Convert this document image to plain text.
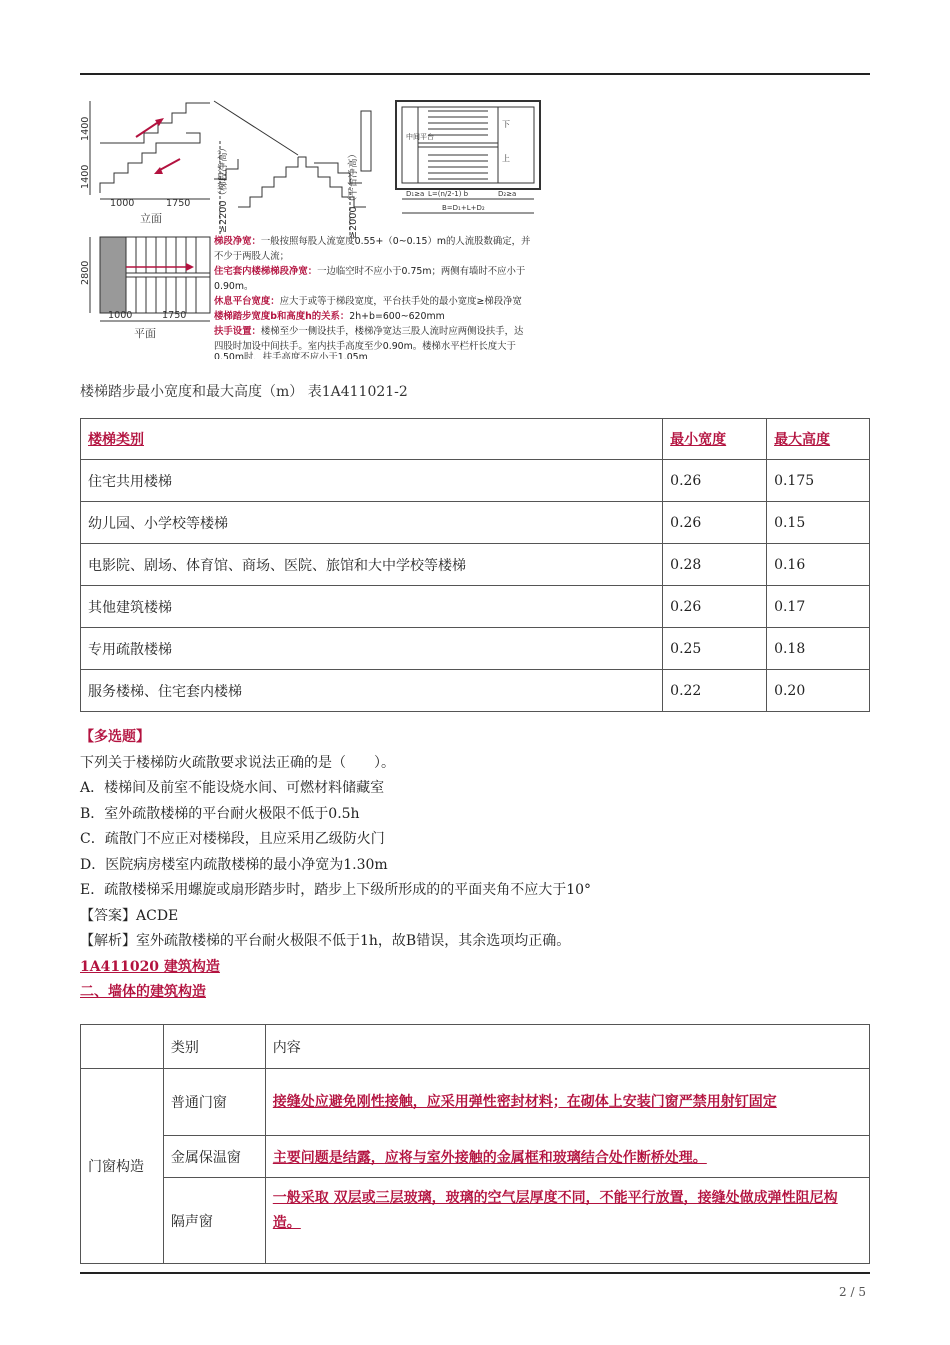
1400
1400
1000	1750
立面
2800
1000	1750
平面
≥2200（梯段净高）	≥2000（平台净高）
中间平台
下
上
D₁≥a L=(n/2-1) b	D₂≥a
B=D₁+L+D₂
梯段净宽：一般按照每股人流宽度0.55+（0~0.15）m的人流股数确定，并
不少于两股人流；
住宅套内楼梯梯段净宽：一边临空时不应小于0.75m；两侧有墙时不应小于
0.90m。
休息平台宽度：应大于或等于梯段宽度，平台扶手处的最小宽度≥梯段净宽
楼梯踏步宽度b和高度h的关系：2h+b=600~620mm
扶手设置：楼梯至少一侧设扶手，楼梯净宽达三股人流时应两侧设扶手，达
四股时加设中间扶手。室内扶手高度至少0.90m。楼梯水平栏杆长度大于
0.50m时，扶手高度不应小于1.05m
楼梯踏步最小宽度和最大高度（m） 表1A411021-2
楼梯类别	最小宽度	最大高度
住宅共用楼梯	0.26	0.175
幼儿园、小学校等楼梯	0.26	0.15
电影院、剧场、体育馆、商场、医院、旅馆和大中学校等楼梯	0.28	0.16
其他建筑楼梯	0.26	0.17
专用疏散楼梯	0.25	0.18
服务楼梯、住宅套内楼梯	0.22	0.20
【多选题】
下列关于楼梯防火疏散要求说法正确的是（　　）。
A．楼梯间及前室不能设烧水间、可燃材料储藏室
B．室外疏散楼梯的平台耐火极限不低于0.5h
C．疏散门不应正对楼梯段，且应采用乙级防火门
D．医院病房楼室内疏散楼梯的最小净宽为1.30m
E．疏散楼梯采用螺旋或扇形踏步时，踏步上下级所形成的的平面夹角不应大于10°
【答案】ACDE
【解析】室外疏散楼梯的平台耐火极限不低于1h，故B错误，其余选项均正确。
1A411020 建筑构造
二、墙体的建筑构造
	类别	内容
门窗构造	普通门窗	接缝处应避免刚性接触，应采用弹性密封材料；在砌体上安装门窗严禁用射钉固定
	金属保温窗	主要问题是结露，应将与室外接触的金属框和玻璃结合处作断桥处理。
	隔声窗	一般采取 双层或三层玻璃，玻璃的空气层厚度不同，不能平行放置，接缝处做成弹性阻尼构造。
2 / 5
